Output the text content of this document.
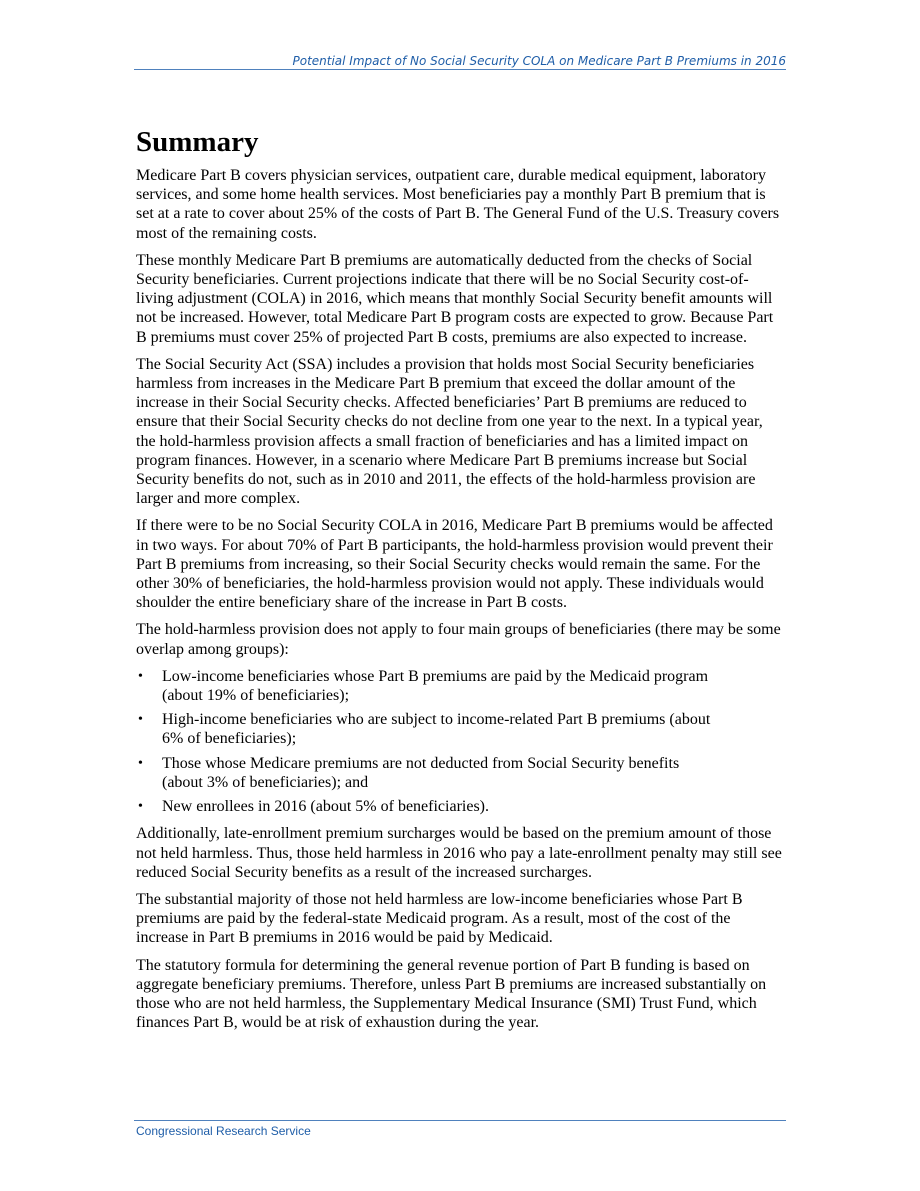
Potential Impact of No Social Security COLA on Medicare Part B Premiums in 2016
Summary

Medicare Part B covers physician services, outpatient care, durable medical equipment, laboratory services, and some home health services. Most beneficiaries pay a monthly Part B premium that is set at a rate to cover about 25% of the costs of Part B. The General Fund of the U.S. Treasury covers most of the remaining costs.

These monthly Medicare Part B premiums are automatically deducted from the checks of Social Security beneficiaries. Current projections indicate that there will be no Social Security cost-of-living adjustment (COLA) in 2016, which means that monthly Social Security benefit amounts will not be increased. However, total Medicare Part B program costs are expected to grow. Because Part B premiums must cover 25% of projected Part B costs, premiums are also expected to increase.

The Social Security Act (SSA) includes a provision that holds most Social Security beneficiaries harmless from increases in the Medicare Part B premium that exceed the dollar amount of the increase in their Social Security checks. Affected beneficiaries’ Part B premiums are reduced to ensure that their Social Security checks do not decline from one year to the next. In a typical year, the hold-harmless provision affects a small fraction of beneficiaries and has a limited impact on program finances. However, in a scenario where Medicare Part B premiums increase but Social Security benefits do not, such as in 2010 and 2011, the effects of the hold-harmless provision are larger and more complex.

If there were to be no Social Security COLA in 2016, Medicare Part B premiums would be affected in two ways. For about 70% of Part B participants, the hold-harmless provision would prevent their Part B premiums from increasing, so their Social Security checks would remain the same. For the other 30% of beneficiaries, the hold-harmless provision would not apply. These individuals would shoulder the entire beneficiary share of the increase in Part B costs.

The hold-harmless provision does not apply to four main groups of beneficiaries (there may be some overlap among groups):

• Low-income beneficiaries whose Part B premiums are paid by the Medicaid program
(about 19% of beneficiaries);
• High-income beneficiaries who are subject to income-related Part B premiums (about
6% of beneficiaries);
• Those whose Medicare premiums are not deducted from Social Security benefits
(about 3% of beneficiaries); and
• New enrollees in 2016 (about 5% of beneficiaries).

Additionally, late-enrollment premium surcharges would be based on the premium amount of those not held harmless. Thus, those held harmless in 2016 who pay a late-enrollment penalty may still see reduced Social Security benefits as a result of the increased surcharges.

The substantial majority of those not held harmless are low-income beneficiaries whose Part B premiums are paid by the federal-state Medicaid program. As a result, most of the cost of the increase in Part B premiums in 2016 would be paid by Medicaid.

The statutory formula for determining the general revenue portion of Part B funding is based on aggregate beneficiary premiums. Therefore, unless Part B premiums are increased substantially on those who are not held harmless, the Supplementary Medical Insurance (SMI) Trust Fund, which finances Part B, would be at risk of exhaustion during the year.

Congressional Research Service
